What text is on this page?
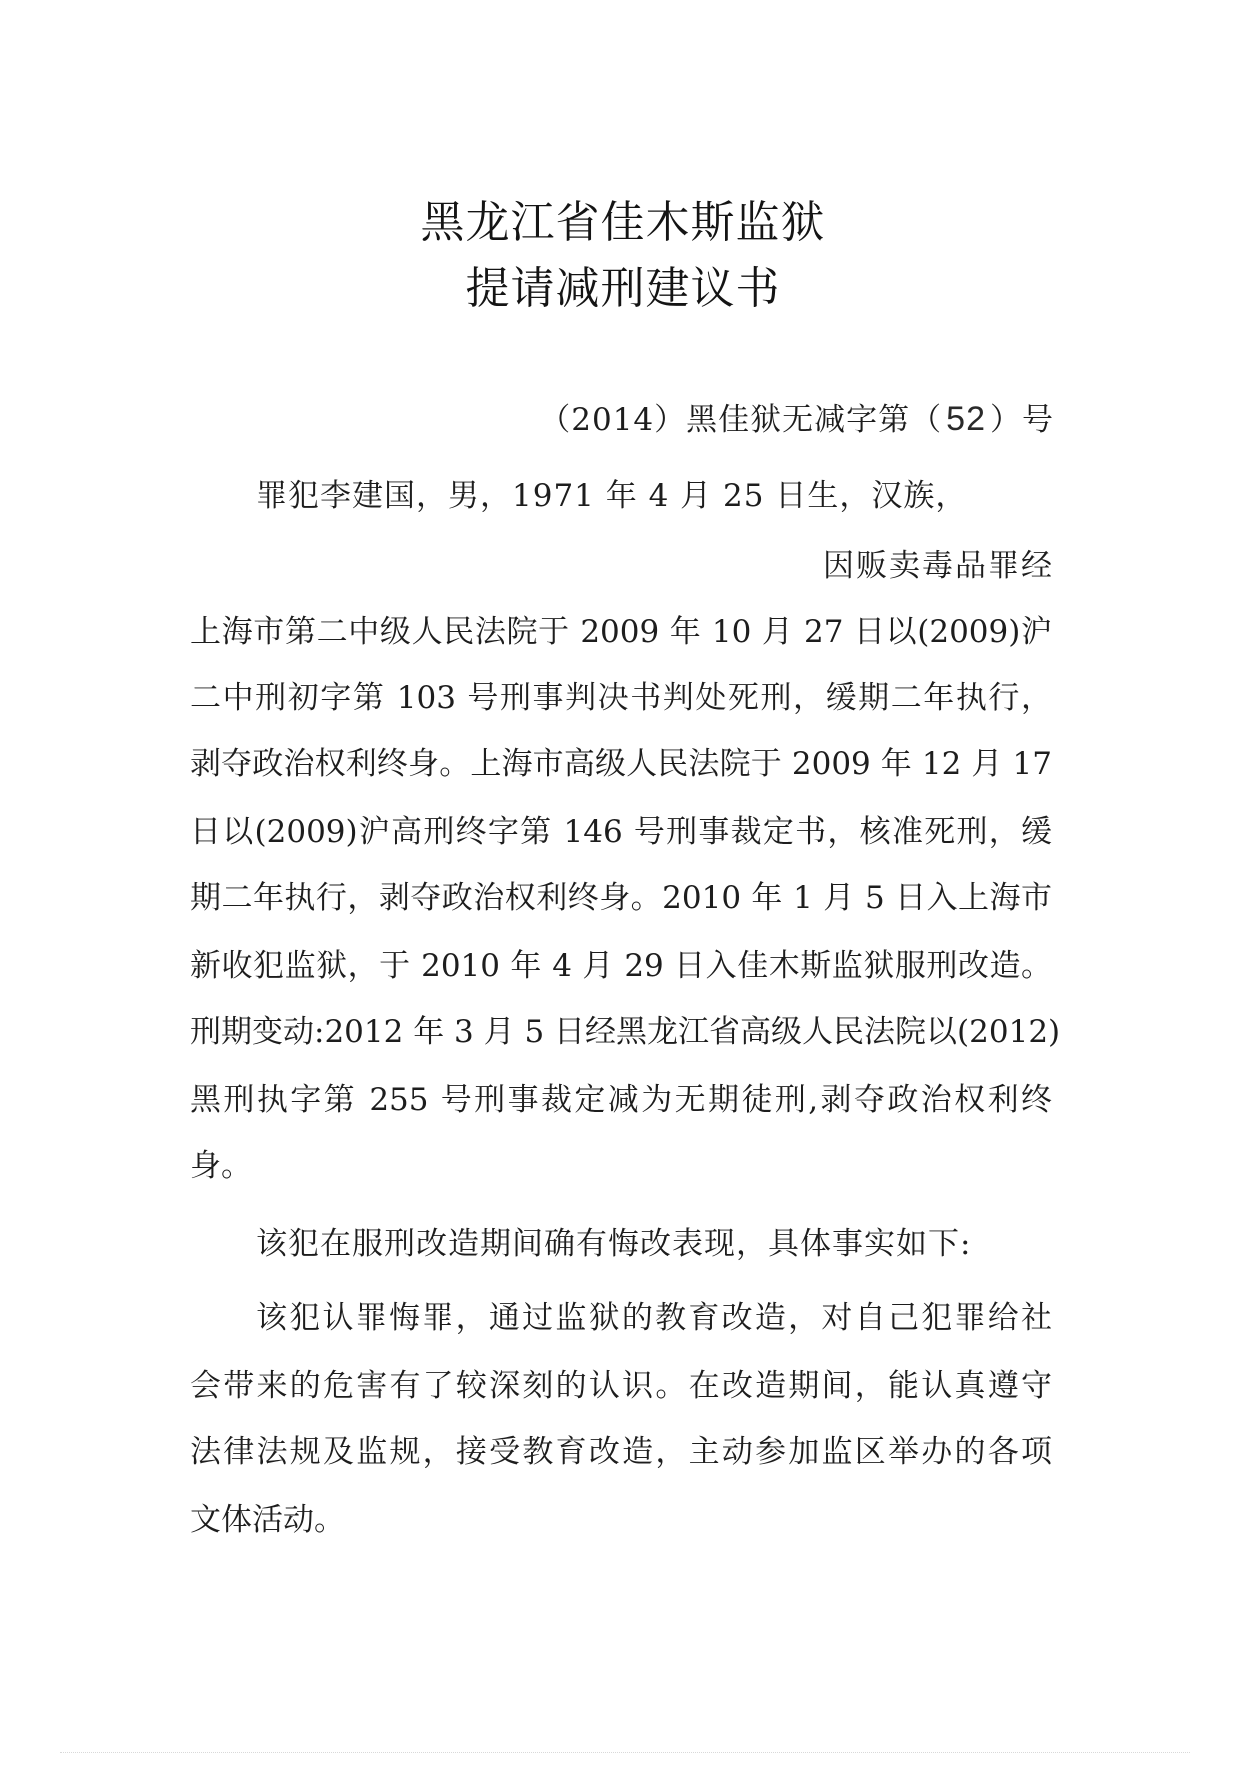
黑龙江省佳木斯监狱
提请减刑建议书
（2014）黑佳狱无减字第（ 52 ）号
罪犯李建国，男，1971 年 4 月 25 日生，汉族，
因贩卖毒品罪经
上海市第二中级人民法院于 2009 年 10 月 27 日以(2009)沪
二中刑初字第 103 号刑事判决书判处死刑，缓期二年执行，
剥夺政治权利终身。上海市高级人民法院于 2009 年 12 月 17
日以(2009)沪高刑终字第 146 号刑事裁定书，核准死刑，缓
期二年执行，剥夺政治权利终身。2010 年 1 月 5 日入上海市
新收犯监狱，于 2010 年 4 月 29 日入佳木斯监狱服刑改造。
刑期变动:2012 年 3 月 5 日经黑龙江省高级人民法院以(2012)
黑刑执字第 255 号刑事裁定减为无期徒刑,剥夺政治权利终
身。
该犯在服刑改造期间确有悔改表现，具体事实如下:
该犯认罪悔罪，通过监狱的教育改造，对自己犯罪给社
会带来的危害有了较深刻的认识。在改造期间，能认真遵守
法律法规及监规，接受教育改造，主动参加监区举办的各项
文体活动。
